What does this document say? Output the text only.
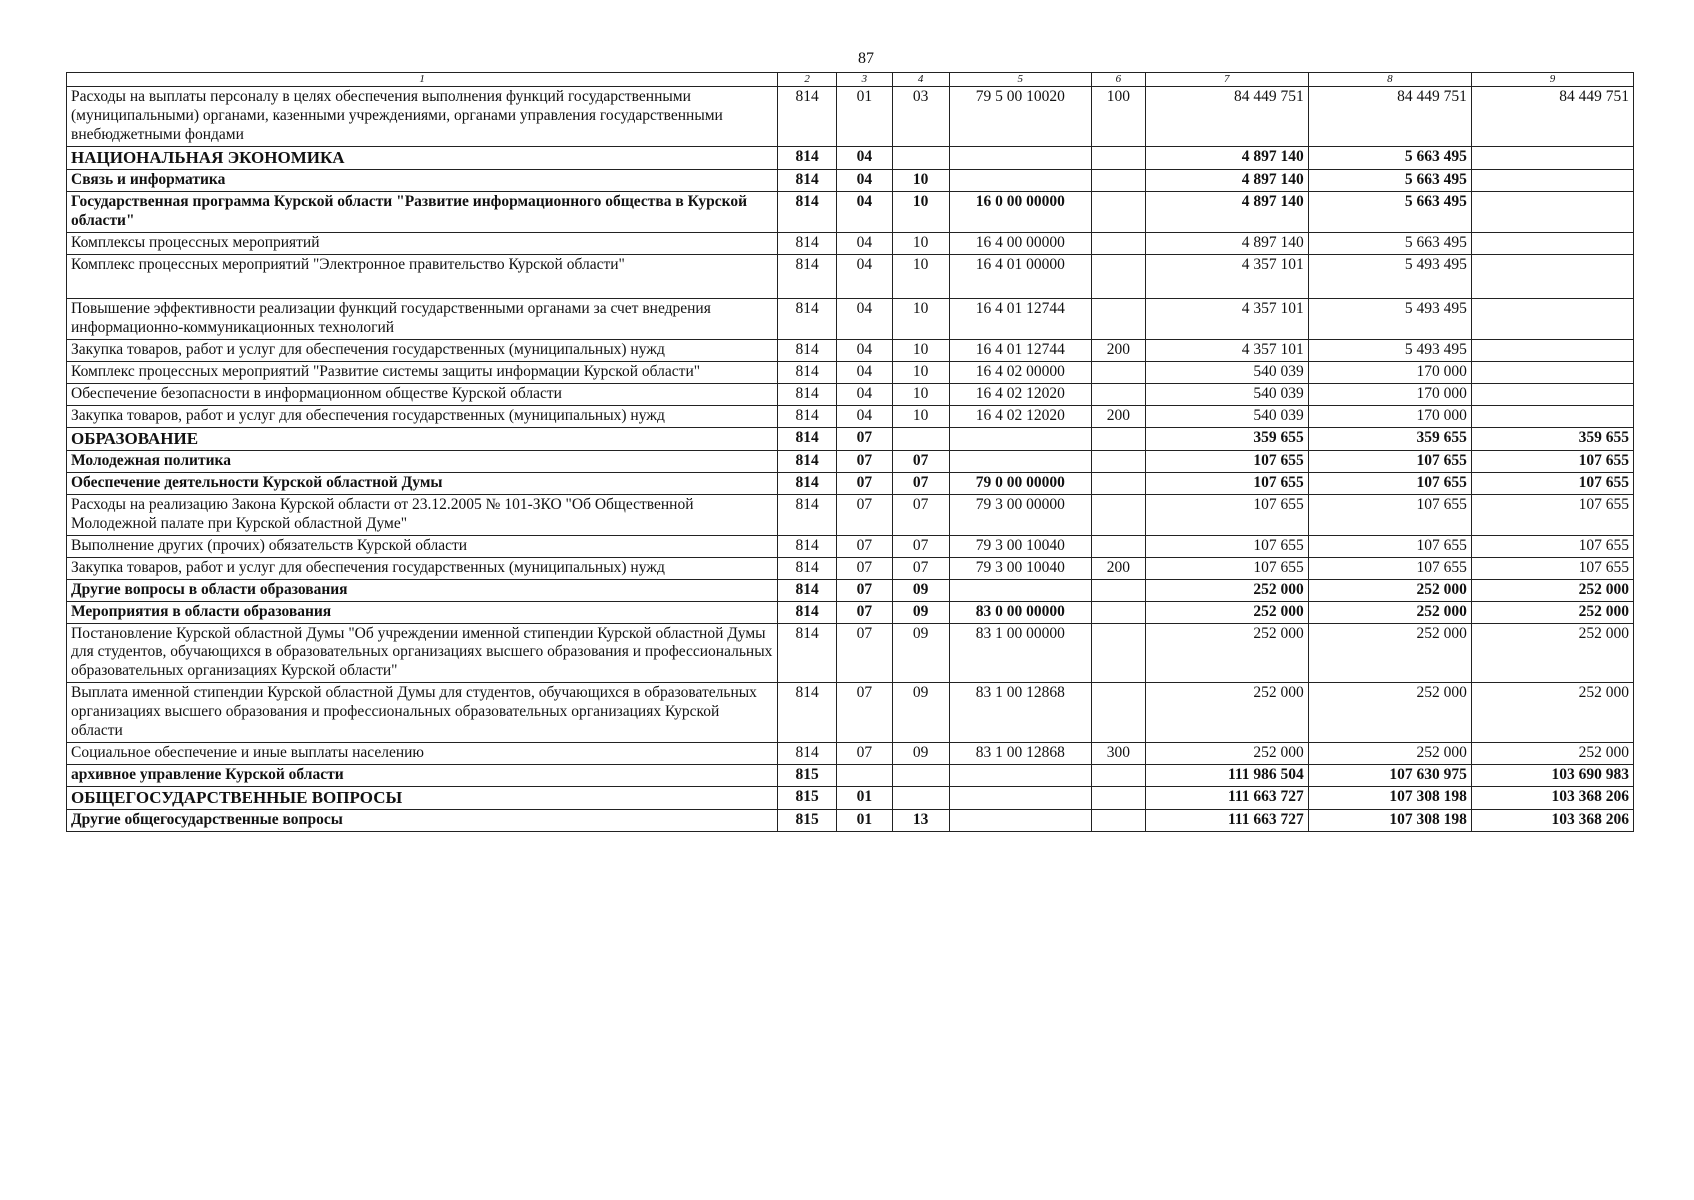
87
1	2	3	4	5	6	7	8	9
Расходы на выплаты персоналу в целях обеспечения выполнения функций государственными (муниципальными) органами, казенными учреждениями, органами управления государственными внебюджетными фондами	814	01	03	79 5 00 10020	100	84 449 751	84 449 751	84 449 751
НАЦИОНАЛЬНАЯ ЭКОНОМИКА	814	04				4 897 140	5 663 495	
Связь и информатика	814	04	10			4 897 140	5 663 495	
Государственная программа Курской области "Развитие информационного общества в Курской области"	814	04	10	16 0 00 00000		4 897 140	5 663 495	
Комплексы процессных мероприятий	814	04	10	16 4 00 00000		4 897 140	5 663 495	
Комплекс процессных мероприятий "Электронное правительство Курской области"	814	04	10	16 4 01 00000		4 357 101	5 493 495	
Повышение эффективности реализации функций государственными органами за счет внедрения информационно-коммуникационных технологий	814	04	10	16 4 01 12744		4 357 101	5 493 495	
Закупка товаров, работ и услуг для обеспечения государственных (муниципальных) нужд	814	04	10	16 4 01 12744	200	4 357 101	5 493 495	
Комплекс процессных мероприятий "Развитие системы защиты информации Курской области"	814	04	10	16 4 02 00000		540 039	170 000	
Обеспечение безопасности в информационном обществе Курской области	814	04	10	16 4 02 12020		540 039	170 000	
Закупка товаров, работ и услуг для обеспечения государственных (муниципальных) нужд	814	04	10	16 4 02 12020	200	540 039	170 000	
ОБРАЗОВАНИЕ	814	07				359 655	359 655	359 655
Молодежная политика	814	07	07			107 655	107 655	107 655
Обеспечение деятельности Курской областной Думы	814	07	07	79 0 00 00000		107 655	107 655	107 655
Расходы на реализацию Закона Курской области от 23.12.2005 № 101-ЗКО "Об Общественной Молодежной палате при Курской областной Думе"	814	07	07	79 3 00 00000		107 655	107 655	107 655
Выполнение других (прочих) обязательств Курской области	814	07	07	79 3 00 10040		107 655	107 655	107 655
Закупка товаров, работ и услуг для обеспечения государственных (муниципальных) нужд	814	07	07	79 3 00 10040	200	107 655	107 655	107 655
Другие вопросы в области образования	814	07	09			252 000	252 000	252 000
Мероприятия в области образования	814	07	09	83 0 00 00000		252 000	252 000	252 000
Постановление Курской областной Думы "Об учреждении именной стипендии Курской областной Думы для студентов, обучающихся в образовательных организациях высшего образования и профессиональных образовательных организациях Курской области"	814	07	09	83 1 00 00000		252 000	252 000	252 000
Выплата именной стипендии Курской областной Думы для студентов, обучающихся в образовательных организациях высшего образования и профессиональных образовательных организациях Курской области	814	07	09	83 1 00 12868		252 000	252 000	252 000
Социальное обеспечение и иные выплаты населению	814	07	09	83 1 00 12868	300	252 000	252 000	252 000
архивное управление Курской области	815					111 986 504	107 630 975	103 690 983
ОБЩЕГОСУДАРСТВЕННЫЕ ВОПРОСЫ	815	01				111 663 727	107 308 198	103 368 206
Другие общегосударственные вопросы	815	01	13			111 663 727	107 308 198	103 368 206
